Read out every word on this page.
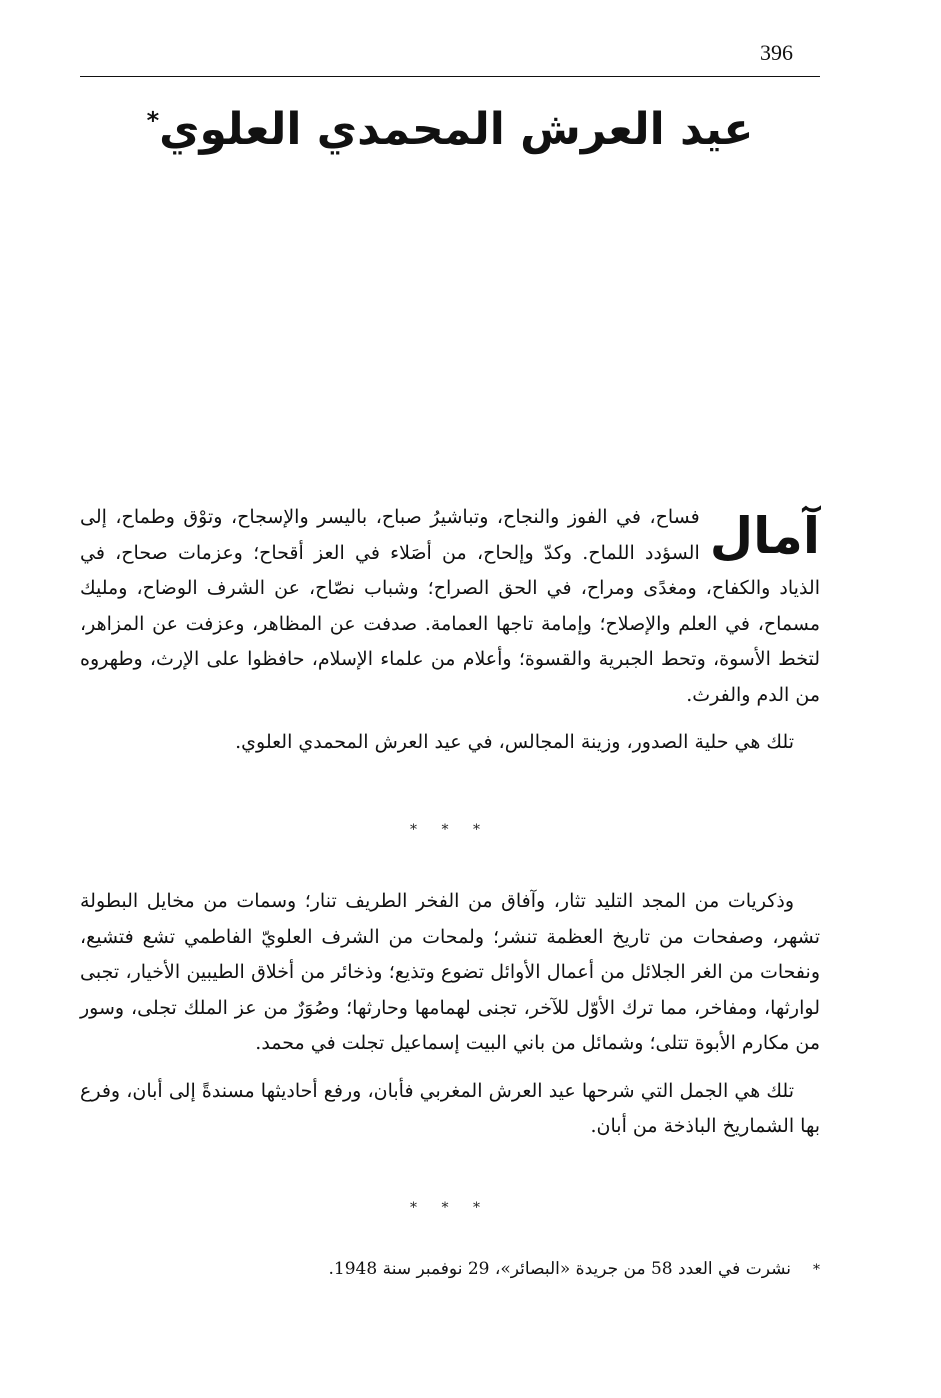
396
عيد العرش المحمدي العلوي*
آمال

فساح، في الفوز والنجاح، وتباشيرُ صباح، باليسر والإسجاح، وتوْق وطماح، إلى السؤدد اللماح. وكدّ وإلحاح، من أصَلاء في العز أقحاح؛ وعزمات صحاح، في الذياد والكفاح، ومغدًى ومراح، في الحق الصراح؛ وشباب نصّاح، عن الشرف الوضاح، ومليك مسماح، في العلم والإصلاح؛ وإمامة تاجها العمامة. صدفت عن المظاهر، وعزفت عن المزاهر، لتخط الأسوة، وتحط الجبرية والقسوة؛ وأعلام من علماء الإسلام، حافظوا على الإرث، وطهروه من الدم والفرث.

تلك هي حلية الصدور، وزينة المجالس، في عيد العرش المحمدي العلوي.

* * *

وذكريات من المجد التليد تثار، وآفاق من الفخر الطريف تنار؛ وسمات من مخايل البطولة تشهر، وصفحات من تاريخ العظمة تنشر؛ ولمحات من الشرف العلويّ الفاطمي تشع فتشيع، ونفحات من الغر الجلائل من أعمال الأوائل تضوع وتذيع؛ وذخائر من أخلاق الطيبين الأخيار، تجبى لوارثها، ومفاخر، مما ترك الأوّل للآخر، تجنى لهمامها وحارثها؛ وصُوَرٌ من عز الملك تجلى، وسور من مكارم الأبوة تتلى؛ وشمائل من باني البيت إسماعيل تجلت في محمد.

تلك هي الجمل التي شرحها عيد العرش المغربي فأبان، ورفع أحاديثها مسندةً إلى أبان، وفرع بها الشماريخ الباذخة من أبان.

* * *
*نشرت في العدد 58 من جريدة «البصائر»، 29 نوفمبر سنة 1948.
